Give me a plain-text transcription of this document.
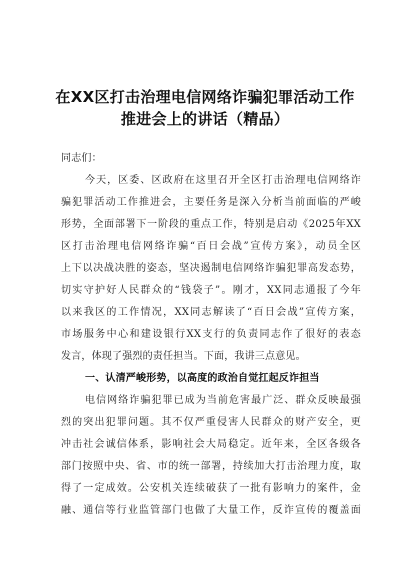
在XX区打击治理电信网络诈骗犯罪活动工作
推进会上的讲话（精品）
同志们：
今天，区委、区政府在这里召开全区打击治理电信网络诈
骗犯罪活动工作推进会，主要任务是深入分析当前面临的严峻
形势，全面部署下一阶段的重点工作，特别是启动《2025年XX
区打击治理电信网络诈骗“百日会战”宣传方案》，动员全区
上下以决战决胜的姿态，坚决遏制电信网络诈骗犯罪高发态势，
切实守护好人民群众的“钱袋子”。刚才，XX同志通报了今年
以来我区的工作情况，XX同志解读了“百日会战”宣传方案，
市场服务中心和建设银行XX支行的负责同志作了很好的表态
发言，体现了强烈的责任担当。下面，我讲三点意见。
一、认清严峻形势，以高度的政治自觉扛起反诈担当
电信网络诈骗犯罪已成为当前危害最广泛、群众反映最强
烈的突出犯罪问题。其不仅严重侵害人民群众的财产安全，更
冲击社会诚信体系，影响社会大局稳定。近年来，全区各级各
部门按照中央、省、市的统一部署，持续加大打击治理力度，取
得了一定成效。公安机关连续破获了一批有影响力的案件，金
融、通信等行业监管部门也做了大量工作，反诈宣传的覆盖面
